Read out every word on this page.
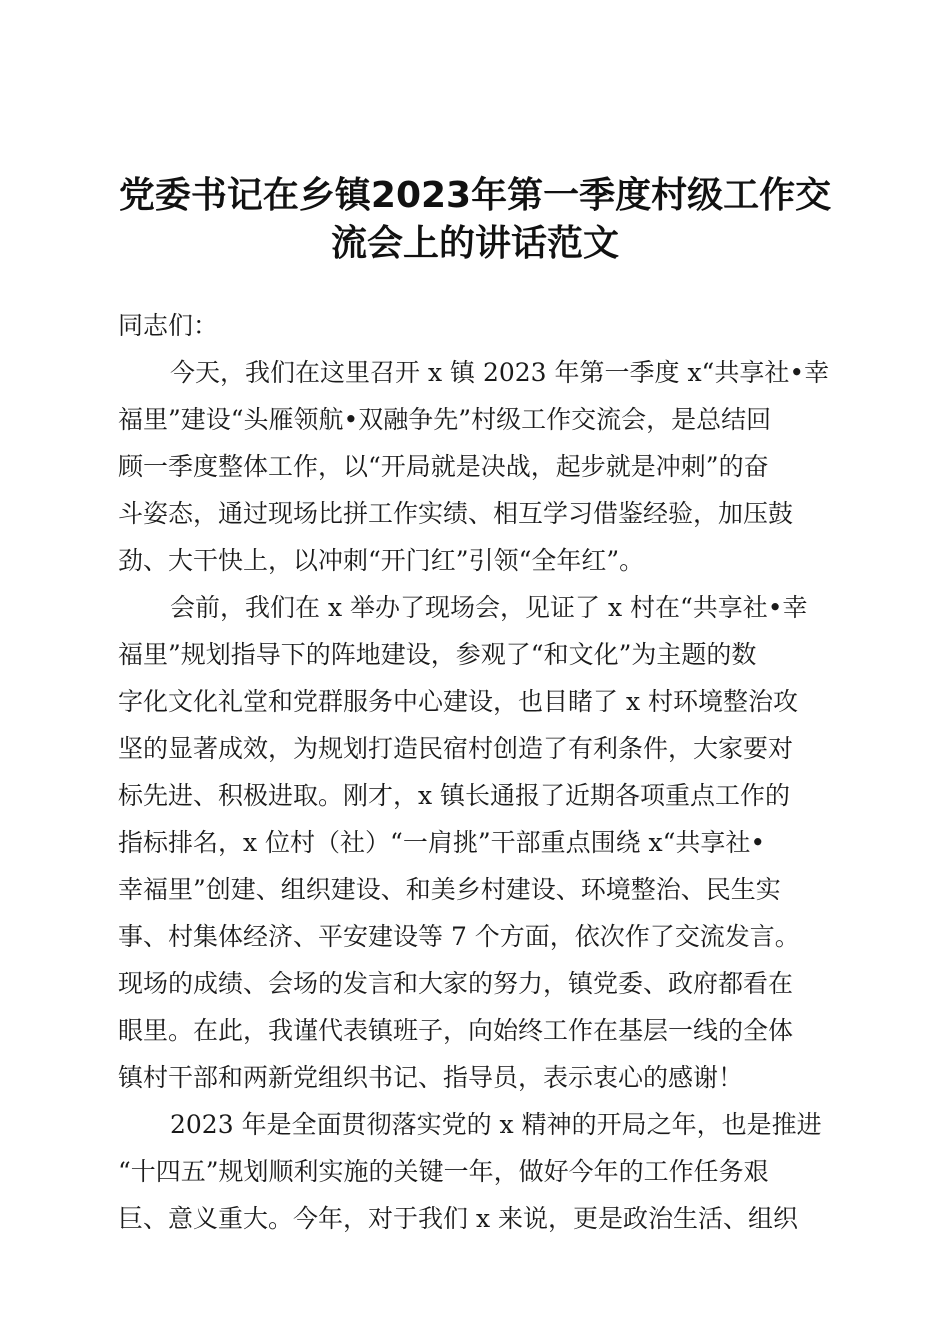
党委书记在乡镇2023年第一季度村级工作交
流会上的讲话范文

同志们：

今天，我们在这里召开 x 镇 2023 年第一季度 x“共享社•幸
福里”建设“头雁领航•双融争先”村级工作交流会，是总结回
顾一季度整体工作，以“开局就是决战，起步就是冲刺”的奋
斗姿态，通过现场比拼工作实绩、相互学习借鉴经验，加压鼓
劲、大干快上，以冲刺“开门红”引领“全年红”。
会前，我们在 x 举办了现场会，见证了 x 村在“共享社•幸
福里”规划指导下的阵地建设，参观了“和文化”为主题的数
字化文化礼堂和党群服务中心建设，也目睹了 x 村环境整治攻
坚的显著成效，为规划打造民宿村创造了有利条件，大家要对
标先进、积极进取。刚才，x 镇长通报了近期各项重点工作的
指标排名，x 位村（社）“一肩挑”干部重点围绕 x“共享社•
幸福里”创建、组织建设、和美乡村建设、环境整治、民生实
事、村集体经济、平安建设等 7 个方面，依次作了交流发言。
现场的成绩、会场的发言和大家的努力，镇党委、政府都看在
眼里。在此，我谨代表镇班子，向始终工作在基层一线的全体
镇村干部和两新党组织书记、指导员，表示衷心的感谢！
2023 年是全面贯彻落实党的 x 精神的开局之年，也是推进
“十四五”规划顺利实施的关键一年，做好今年的工作任务艰
巨、意义重大。今年，对于我们 x 来说，更是政治生活、组织
